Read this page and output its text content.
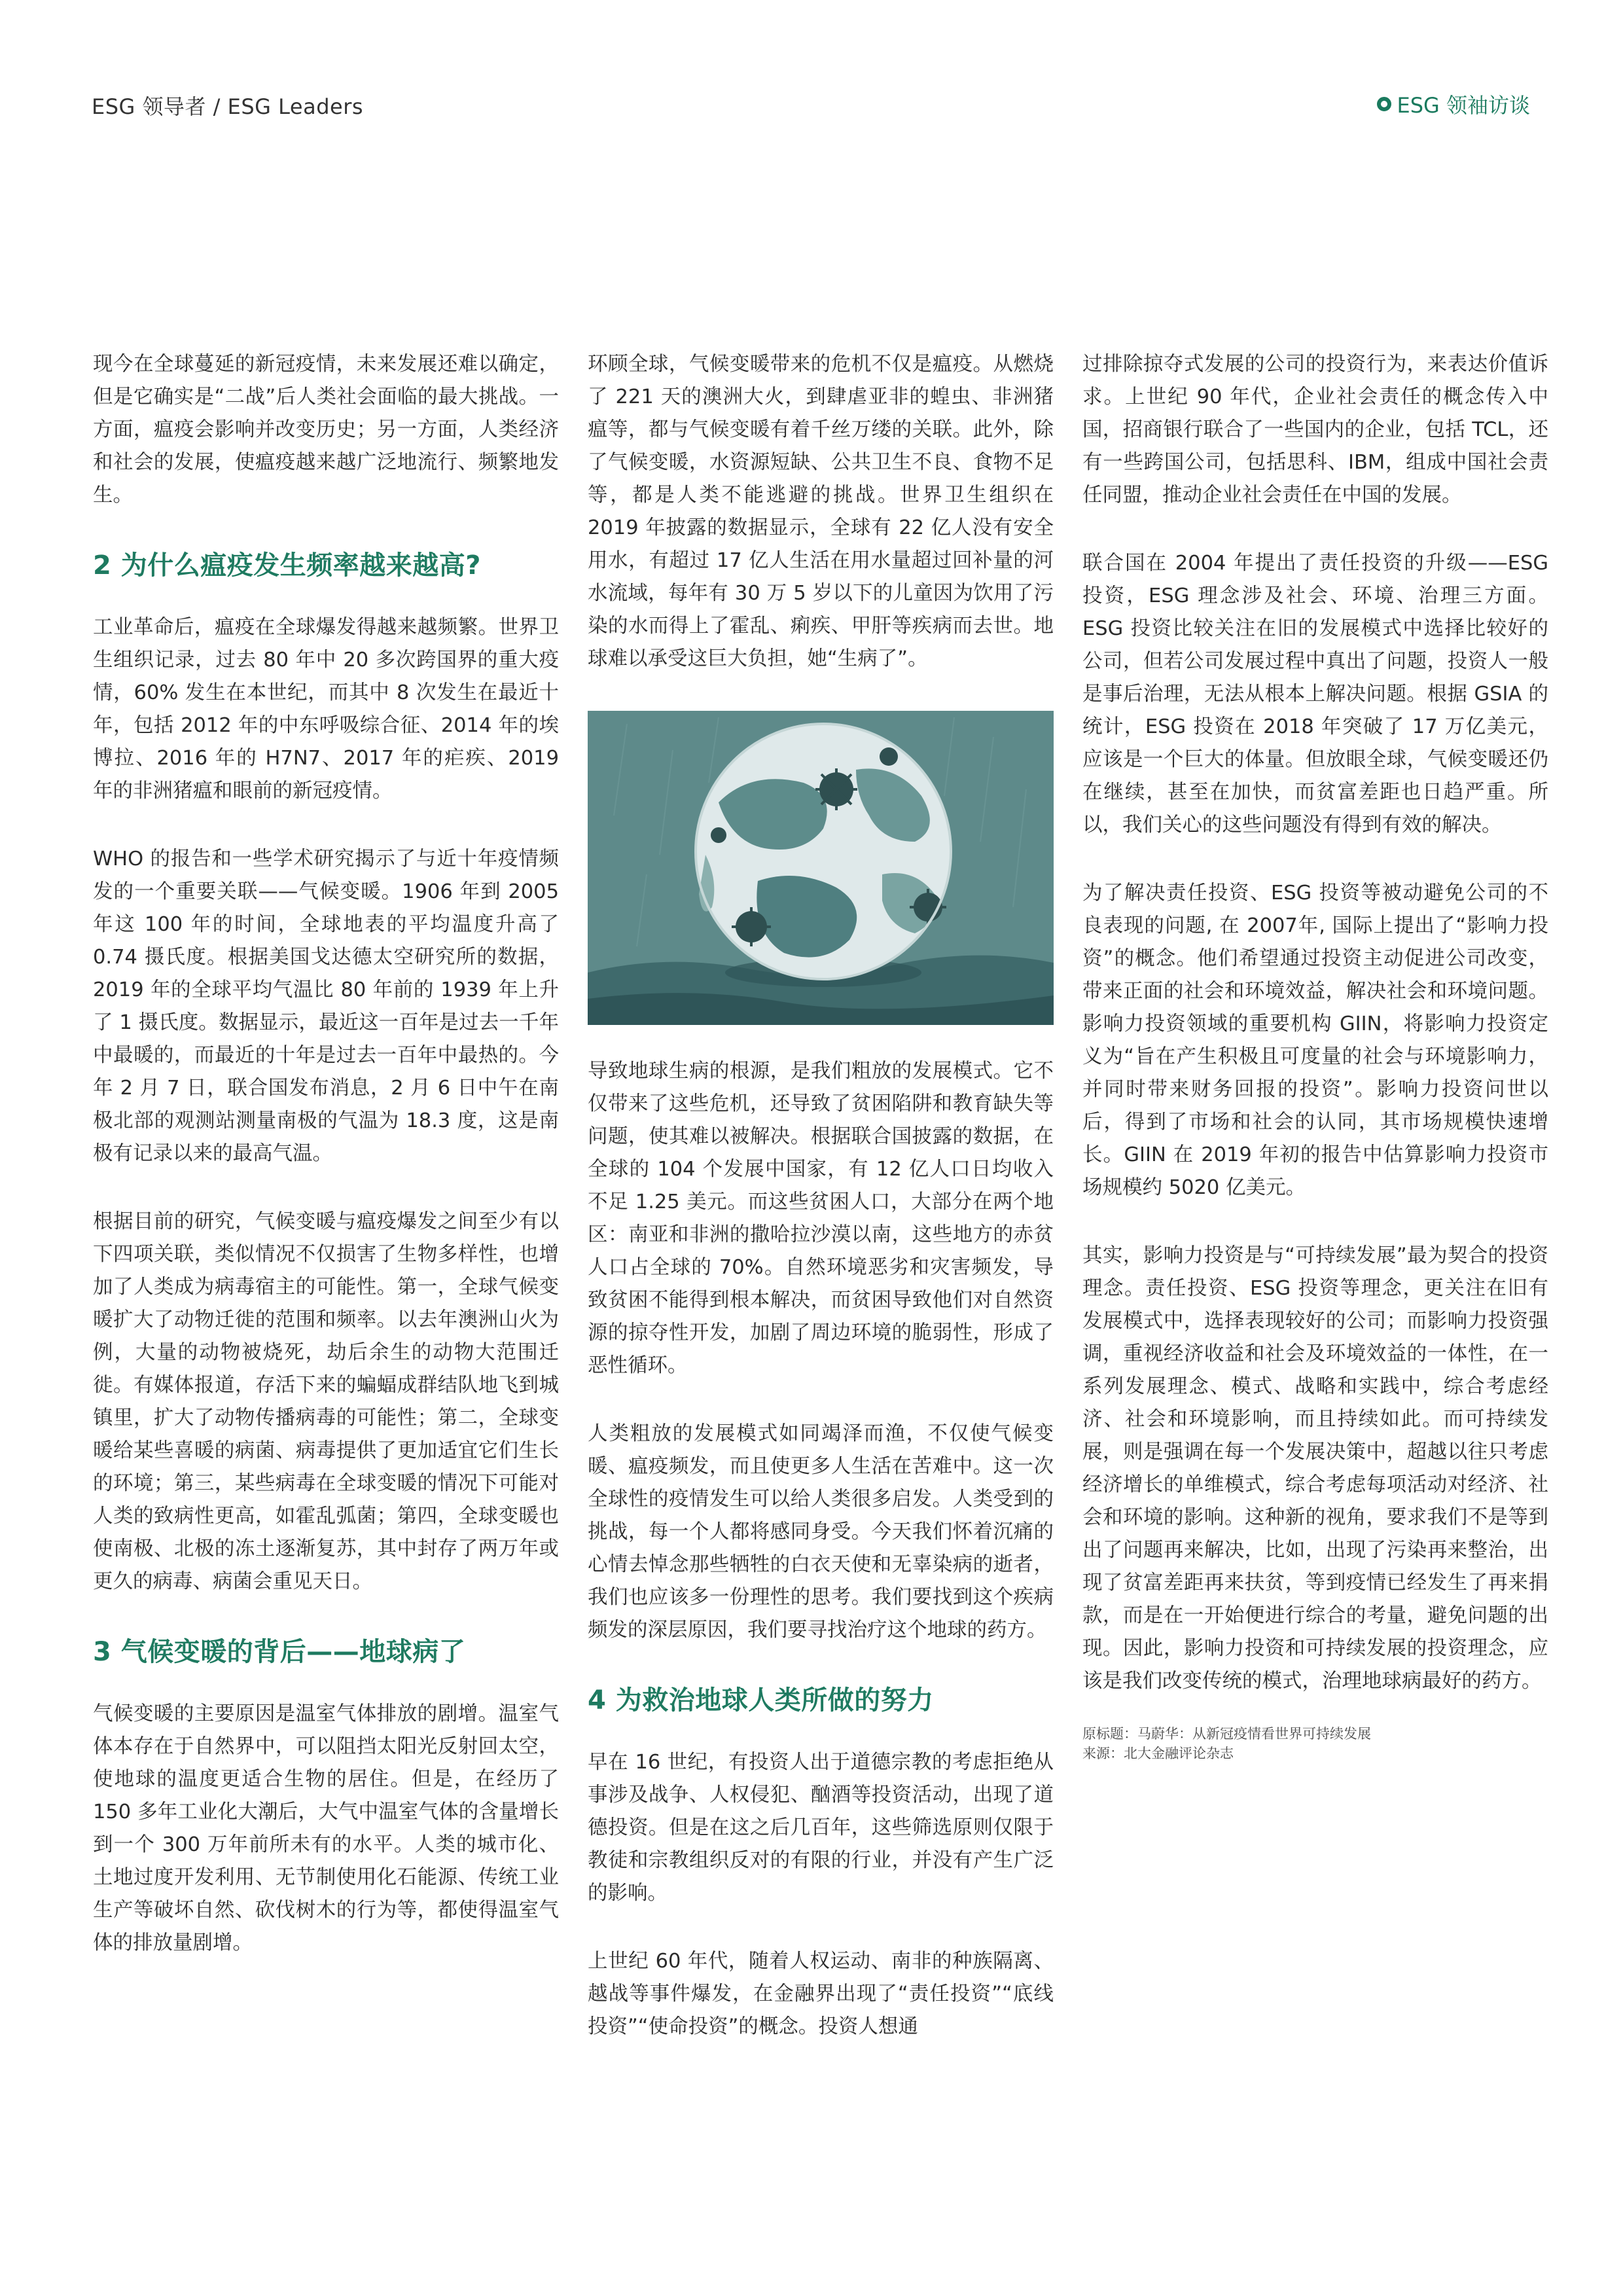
ESG 领导者 / ESG Leaders	ESG 领袖访谈

现今在全球蔓延的新冠疫情，未来发展还难以确定，但是它确实是“二战”后人类社会面临的最大挑战。一方面，瘟疫会影响并改变历史；另一方面，人类经济和社会的发展，使瘟疫越来越广泛地流行、频繁地发生。

2 为什么瘟疫发生频率越来越高?

工业革命后，瘟疫在全球爆发得越来越频繁。世界卫生组织记录，过去 80 年中 20 多次跨国界的重大疫情，60% 发生在本世纪，而其中 8 次发生在最近十年，包括 2012 年的中东呼吸综合征、2014 年的埃博拉、2016 年的 H7N7、2017 年的疟疾、2019 年的非洲猪瘟和眼前的新冠疫情。

WHO 的报告和一些学术研究揭示了与近十年疫情频发的一个重要关联——气候变暖。1906 年到 2005 年这 100 年的时间，全球地表的平均温度升高了 0.74 摄氏度。根据美国戈达德太空研究所的数据，2019 年的全球平均气温比 80 年前的 1939 年上升了 1 摄氏度。数据显示，最近这一百年是过去一千年中最暖的，而最近的十年是过去一百年中最热的。今年 2 月 7 日，联合国发布消息，2 月 6 日中午在南极北部的观测站测量南极的气温为 18.3 度，这是南极有记录以来的最高气温。

根据目前的研究，气候变暖与瘟疫爆发之间至少有以下四项关联，类似情况不仅损害了生物多样性，也增加了人类成为病毒宿主的可能性。第一，全球气候变暖扩大了动物迁徙的范围和频率。以去年澳洲山火为例，大量的动物被烧死，劫后余生的动物大范围迁徙。有媒体报道，存活下来的蝙蝠成群结队地飞到城镇里，扩大了动物传播病毒的可能性；第二，全球变暖给某些喜暖的病菌、病毒提供了更加适宜它们生长的环境；第三，某些病毒在全球变暖的情况下可能对人类的致病性更高，如霍乱弧菌；第四，全球变暖也使南极、北极的冻土逐渐复苏，其中封存了两万年或更久的病毒、病菌会重见天日。

3 气候变暖的背后——地球病了

气候变暖的主要原因是温室气体排放的剧增。温室气体本存在于自然界中，可以阻挡太阳光反射回太空，使地球的温度更适合生物的居住。但是，在经历了 150 多年工业化大潮后，大气中温室气体的含量增长到一个 300 万年前所未有的水平。人类的城市化、土地过度开发利用、无节制使用化石能源、传统工业生产等破坏自然、砍伐树木的行为等，都使得温室气体的排放量剧增。

环顾全球，气候变暖带来的危机不仅是瘟疫。从燃烧了 221 天的澳洲大火，到肆虐亚非的蝗虫、非洲猪瘟等，都与气候变暖有着千丝万缕的关联。此外，除了气候变暖，水资源短缺、公共卫生不良、食物不足等，都是人类不能逃避的挑战。世界卫生组织在 2019 年披露的数据显示，全球有 22 亿人没有安全用水，有超过 17 亿人生活在用水量超过回补量的河水流域，每年有 30 万 5 岁以下的儿童因为饮用了污染的水而得上了霍乱、痢疾、甲肝等疾病而去世。地球难以承受这巨大负担，她“生病了”。

导致地球生病的根源，是我们粗放的发展模式。它不仅带来了这些危机，还导致了贫困陷阱和教育缺失等问题，使其难以被解决。根据联合国披露的数据，在全球的 104 个发展中国家，有 12 亿人口日均收入不足 1.25 美元。而这些贫困人口，大部分在两个地区：南亚和非洲的撒哈拉沙漠以南，这些地方的赤贫人口占全球的 70%。自然环境恶劣和灾害频发，导致贫困不能得到根本解决，而贫困导致他们对自然资源的掠夺性开发，加剧了周边环境的脆弱性，形成了恶性循环。

人类粗放的发展模式如同竭泽而渔，不仅使气候变暖、瘟疫频发，而且使更多人生活在苦难中。这一次全球性的疫情发生可以给人类很多启发。人类受到的挑战，每一个人都将感同身受。今天我们怀着沉痛的心情去悼念那些牺牲的白衣天使和无辜染病的逝者，我们也应该多一份理性的思考。我们要找到这个疾病频发的深层原因，我们要寻找治疗这个地球的药方。

4 为救治地球人类所做的努力

早在 16 世纪，有投资人出于道德宗教的考虑拒绝从事涉及战争、人权侵犯、酗酒等投资活动，出现了道德投资。但是在这之后几百年，这些筛选原则仅限于教徒和宗教组织反对的有限的行业，并没有产生广泛的影响。

上世纪 60 年代，随着人权运动、南非的种族隔离、越战等事件爆发，在金融界出现了“责任投资”“底线投资”“使命投资”的概念。投资人想通

过排除掠夺式发展的公司的投资行为，来表达价值诉求。上世纪 90 年代，企业社会责任的概念传入中国，招商银行联合了一些国内的企业，包括 TCL，还有一些跨国公司，包括思科、IBM，组成中国社会责任同盟，推动企业社会责任在中国的发展。

联合国在 2004 年提出了责任投资的升级——ESG 投资，ESG 理念涉及社会、环境、治理三方面。ESG 投资比较关注在旧的发展模式中选择比较好的公司，但若公司发展过程中真出了问题，投资人一般是事后治理，无法从根本上解决问题。根据 GSIA 的统计，ESG 投资在 2018 年突破了 17 万亿美元，应该是一个巨大的体量。但放眼全球，气候变暖还仍在继续，甚至在加快，而贫富差距也日趋严重。所以，我们关心的这些问题没有得到有效的解决。

为了解决责任投资、ESG 投资等被动避免公司的不良表现的问题, 在 2007年, 国际上提出了“影响力投资”的概念。他们希望通过投资主动促进公司改变，带来正面的社会和环境效益，解决社会和环境问题。影响力投资领域的重要机构 GIIN，将影响力投资定义为“旨在产生积极且可度量的社会与环境影响力，并同时带来财务回报的投资”。影响力投资问世以后，得到了市场和社会的认同，其市场规模快速增长。GIIN 在 2019 年初的报告中估算影响力投资市场规模约 5020 亿美元。

其实，影响力投资是与“可持续发展”最为契合的投资理念。责任投资、ESG 投资等理念，更关注在旧有发展模式中，选择表现较好的公司；而影响力投资强调，重视经济收益和社会及环境效益的一体性，在一系列发展理念、模式、战略和实践中，综合考虑经济、社会和环境影响，而且持续如此。而可持续发展，则是强调在每一个发展决策中，超越以往只考虑经济增长的单维模式，综合考虑每项活动对经济、社会和环境的影响。这种新的视角，要求我们不是等到出了问题再来解决，比如，出现了污染再来整治，出现了贫富差距再来扶贫，等到疫情已经发生了再来捐款，而是在一开始便进行综合的考量，避免问题的出现。因此，影响力投资和可持续发展的投资理念，应该是我们改变传统的模式，治理地球病最好的药方。

原标题：马蔚华：从新冠疫情看世界可持续发展
来源：北大金融评论杂志
